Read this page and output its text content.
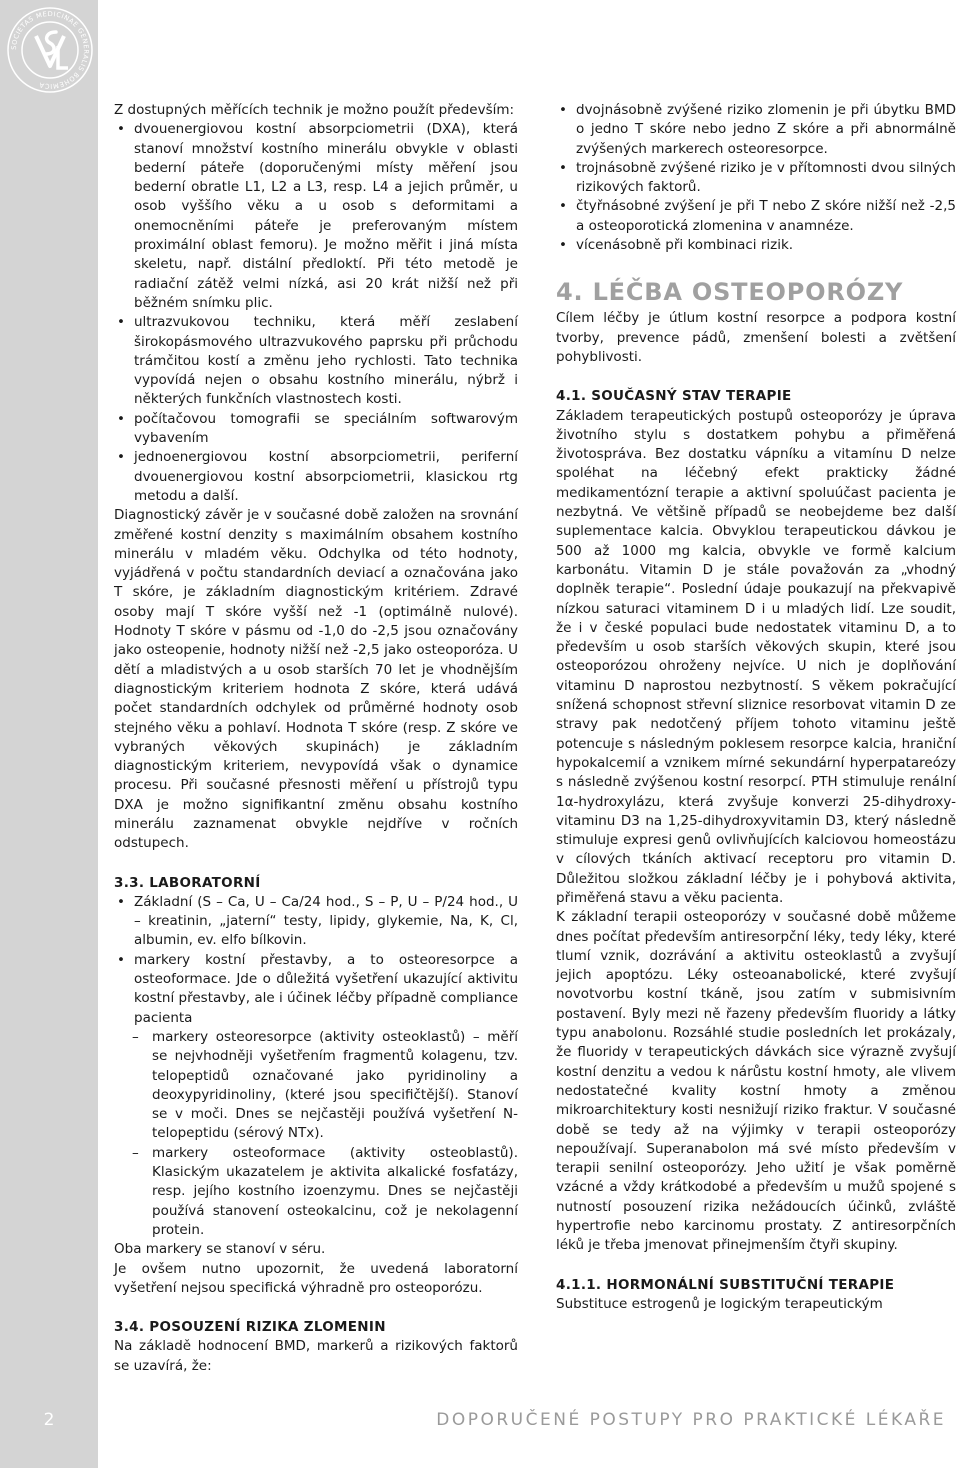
SOCIETAS MEDICINAE GENERALIS BOHEMICA
2

Z dostupných měřících technik je možno použít především:

• dvouenergiovou kostní absorpciometrii (DXA), která stanoví množství kostního minerálu obvykle v oblasti bederní páteře (doporučenými místy měření jsou bederní obratle L1, L2 a L3, resp. L4 a jejich průměr, u osob vyššího věku a u osob s deformitami a onemocněními páteře je preferovaným místem proximální oblast femoru). Je možno měřit i jiná místa skeletu, např. distální předloktí. Při této metodě je radiační zátěž velmi nízká, asi 20 krát nižší než při běžném snímku plic.
• ultrazvukovou techniku, která měří zeslabení širokopásmového ultrazvukového paprsku při průchodu trámčitou kostí a změnu jeho rychlosti. Tato technika vypovídá nejen o obsahu kostního minerálu, nýbrž i některých funkčních vlastnostech kosti.
• počítačovou tomografii se speciálním softwarovým vybavením
• jednoenergiovou kostní absorpciometrii, periferní dvouenergiovou kostní absorpciometrii, klasickou rtg metodu a další.

Diagnostický závěr je v současné době založen na srovnání změřené kostní denzity s maximálním obsahem kostního minerálu v mladém věku. Odchylka od této hodnoty, vyjádřená v počtu standardních deviací a označována jako T skóre, je základním diagnostickým kritériem. Zdravé osoby mají T skóre vyšší než -1 (optimálně nulové). Hodnoty T skóre v pásmu od -1,0 do -2,5 jsou označovány jako osteopenie, hodnoty nižší než -2,5 jako osteoporóza. U dětí a mladistvých a u osob starších 70 let je vhodnějším diagnostickým kriteriem hodnota Z skóre, která udává počet standardních odchylek od průměrné hodnoty osob stejného věku a pohlaví. Hodnota T skóre (resp. Z skóre ve vybraných věkových skupinách) je základním diagnostickým kriteriem, nevypovídá však o dynamice procesu. Při současné přesnosti měření u přístrojů typu DXA je možno signifikantní změnu obsahu kostního minerálu zaznamenat obvykle nejdříve v ročních odstupech.

3.3. LABORATORNÍ
• Základní (S – Ca, U – Ca/24 hod., S – P, U – P/24 hod., U – kreatinin, „jaterní“ testy, lipidy, glykemie, Na, K, Cl, albumin, ev. elfo bílkovin.
• markery kostní přestavby, a to osteoresorpce a osteoformace. Jde o důležitá vyšetření ukazující aktivitu kostní přestavby, ale i účinek léčby případně compliance pacienta
– markery osteoresorpce (aktivity osteoklastů) – měří se nejvhodněji vyšetřením fragmentů kolagenu, tzv. telopeptidů označované jako pyridinoliny a deoxypyridinoliny, (které jsou specifičtější). Stanoví se v moči. Dnes se nejčastěji používá vyšetření N-telopeptidu (sérový NTx).
– markery osteoformace (aktivity osteoblastů). Klasickým ukazatelem je aktivita alkalické fosfatázy, resp. jejího kostního izoenzymu. Dnes se nejčastěji používá stanovení osteokalcinu, což je nekolagenní protein.

Oba markery se stanoví v séru.

Je ovšem nutno upozornit, že uvedená laboratorní vyšetření nejsou specifická výhradně pro osteoporózu.

3.4. POSOUZENÍ RIZIKA ZLOMENIN

Na základě hodnocení BMD, markerů a rizikových faktorů se uzavírá, že:

• dvojnásobně zvýšené riziko zlomenin je při úbytku BMD o jedno T skóre nebo jedno Z skóre a při abnormálně zvýšených markerech osteoresorpce.
• trojnásobně zvýšené riziko je v přítomnosti dvou silných rizikových faktorů.
• čtyřnásobné zvýšení je při T nebo Z skóre nižší než -2,5 a osteoporotická zlomenina v anamnéze.
• vícenásobně při kombinaci rizik.
4. LÉČBA OSTEOPORÓZY

Cílem léčby je útlum kostní resorpce a podpora kostní tvorby, prevence pádů, zmenšení bolesti a zvětšení pohyblivosti.

4.1. SOUČASNÝ STAV TERAPIE

Základem terapeutických postupů osteoporózy je úprava životního stylu s dostatkem pohybu a přiměřená životospráva. Bez dostatku vápníku a vitamínu D nelze spoléhat na léčebný efekt prakticky žádné medikamentózní terapie a aktivní spoluúčast pacienta je nezbytná. Ve většině případů se neobejdeme bez další suplementace kalcia. Obvyklou terapeutickou dávkou je 500 až 1000 mg kalcia, obvykle ve formě kalcium karbonátu. Vitamin D je stále považován za „vhodný doplněk terapie“. Poslední údaje poukazují na překvapivě nízkou saturaci vitaminem D i u mladých lidí. Lze soudit, že i v české populaci bude nedostatek vitaminu D, a to především u osob starších věkových skupin, které jsou osteoporózou ohroženy nejvíce. U nich je doplňování vitaminu D naprostou nezbytností. S věkem pokračující snížená schopnost střevní sliznice resorbovat vitamin D ze stravy pak nedotčený příjem tohoto vitaminu ještě potencuje s následným poklesem resorpce kalcia, hraniční hypokalcemií a vznikem mírné sekundární hyperpatareózy s následně zvýšenou kostní resorpcí. PTH stimuluje renální 1α-hydroxylázu, která zvyšuje konverzi 25-dihydroxy-vitaminu D3 na 1,25-dihydroxyvitamin D3, který následně stimuluje expresi genů ovlivňujících kalciovou homeostázu v cílových tkáních aktivací receptoru pro vitamin D. Důležitou složkou základní léčby je i pohybová aktivita, přiměřená stavu a věku pacienta.

K základní terapii osteoporózy v současné době můžeme dnes počítat především antiresorpční léky, tedy léky, které tlumí vznik, dozrávání a aktivitu osteoklastů a zvyšují jejich apoptózu. Léky osteoanabolické, které zvyšují novotvorbu kostní tkáně, jsou zatím v submisivním postavení. Byly mezi ně řazeny především fluoridy a látky typu anabolonu. Rozsáhlé studie posledních let prokázaly, že fluoridy v terapeutických dávkách sice výrazně zvyšují kostní denzitu a vedou k nárůstu kostní hmoty, ale vlivem nedostatečné kvality kostní hmoty a změnou mikroarchitektury kosti nesnižují riziko fraktur. V současné době se tedy až na výjimky v terapii osteoporózy nepoužívají. Superanabolon má své místo především v terapii senilní osteoporózy. Jeho užití je však poměrně vzácné a vždy krátkodobé a především u mužů spojené s nutností posouzení rizika nežádoucích účinků, zvláště hypertrofie nebo karcinomu prostaty. Z antiresorpčních léků je třeba jmenovat přinejmenším čtyři skupiny.

4.1.1. HORMONÁLNÍ SUBSTITUČNÍ TERAPIE

Substituce estrogenů je logickým terapeutickým

DOPORUČENÉ POSTUPY PRO PRAKTICKÉ LÉKAŘE
